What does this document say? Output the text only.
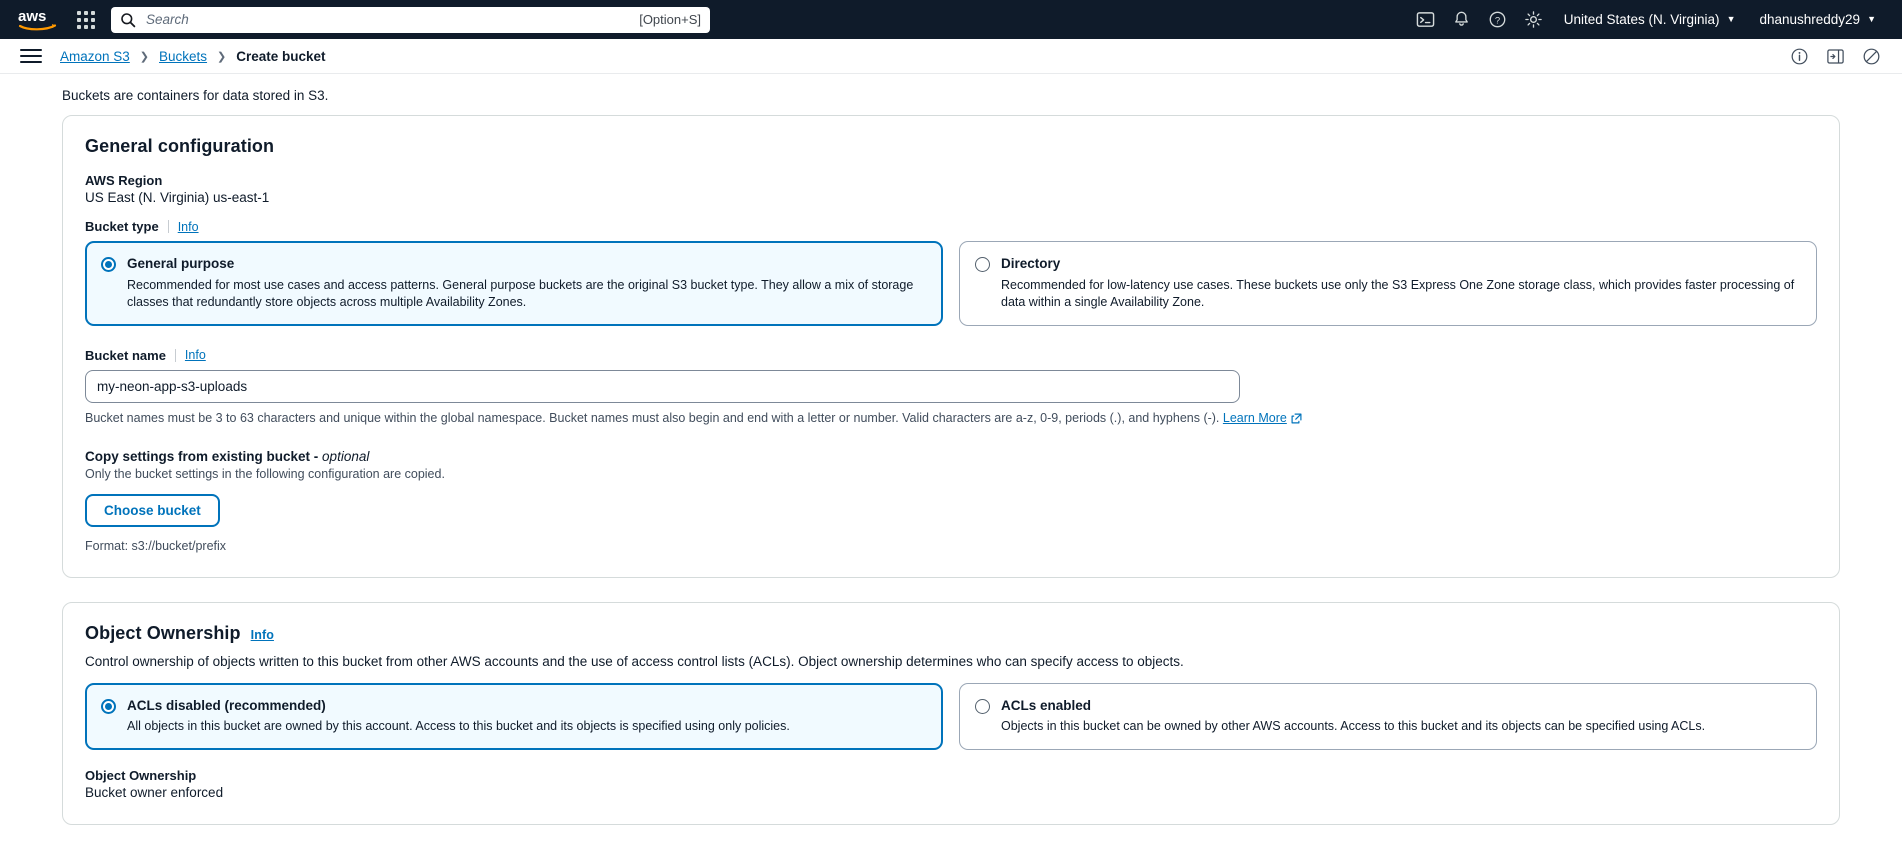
aws
Search	[Option+S]	?	United States (N. Virginia) ▼ dhanushreddy29 ▼
Amazon S3 ❯ Buckets ❯ Create bucket
Buckets are containers for data stored in S3.
General configuration
AWS Region
US East (N. Virginia) us-east-1
Bucket type Info
General purpose
Recommended for most use cases and access patterns. General purpose buckets are the original S3 bucket type. They allow a mix of storage classes that redundantly store objects across multiple Availability Zones.
Directory
Recommended for low-latency use cases. These buckets use only the S3 Express One Zone storage class, which provides faster processing of data within a single Availability Zone.
Bucket name Info
my-neon-app-s3-uploads
Bucket names must be 3 to 63 characters and unique within the global namespace. Bucket names must also begin and end with a letter or number. Valid characters are a-z, 0-9, periods (.), and hyphens (-). Learn More
Copy settings from existing bucket - optional
Only the bucket settings in the following configuration are copied.
Choose bucket
Format: s3://bucket/prefix
Object Ownership Info
Control ownership of objects written to this bucket from other AWS accounts and the use of access control lists (ACLs). Object ownership determines who can specify access to objects.
ACLs disabled (recommended)
All objects in this bucket are owned by this account. Access to this bucket and its objects is specified using only policies.
ACLs enabled
Objects in this bucket can be owned by other AWS accounts. Access to this bucket and its objects can be specified using ACLs.
Object Ownership
Bucket owner enforced
